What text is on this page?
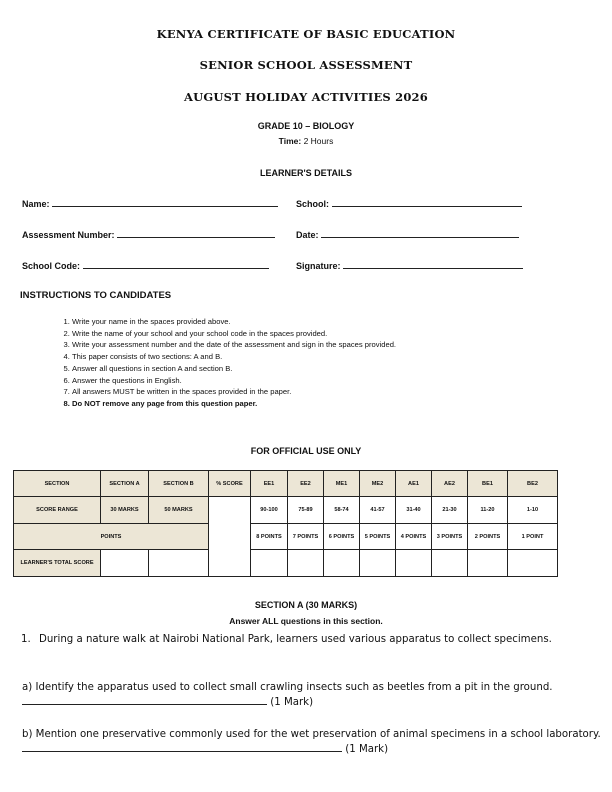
KENYA CERTIFICATE OF BASIC EDUCATION
SENIOR SCHOOL ASSESSMENT
AUGUST HOLIDAY ACTIVITIES 2026
GRADE 10 – BIOLOGY
Time: 2 Hours
LEARNER'S DETAILS
Name:	School:
Assessment Number:	Date:
School Code:	Signature:
INSTRUCTIONS TO CANDIDATES
1. Write your name in the spaces provided above.
2. Write the name of your school and your school code in the spaces provided.
3. Write your assessment number and the date of the assessment and sign in the spaces provided.
4. This paper consists of two sections: A and B.
5. Answer all questions in section A and section B.
6. Answer the questions in English.
7. All answers MUST be written in the spaces provided in the paper.
8. Do NOT remove any page from this question paper.
FOR OFFICIAL USE ONLY
SECTION	SECTION A	SECTION B	% SCORE	EE1	EE2	ME1	ME2	AE1	AE2	BE1	BE2
SCORE RANGE	30 MARKS	50 MARKS		90-100	75-89	58-74	41-57	31-40	21-30	11-20	1-10
POINTS				8 POINTS	7 POINTS	6 POINTS	5 POINTS	4 POINTS	3 POINTS	2 POINTS	1 POINT
LEARNER'S TOTAL SCORE											
SECTION A (30 MARKS)
Answer ALL questions in this section.
1. During a nature walk at Nairobi National Park, learners used various apparatus to collect specimens.
a) Identify the apparatus used to collect small crawling insects such as beetles from a pit in the ground.  (1 Mark)
b) Mention one preservative commonly used for the wet preservation of animal specimens in a school laboratory.  (1 Mark)
